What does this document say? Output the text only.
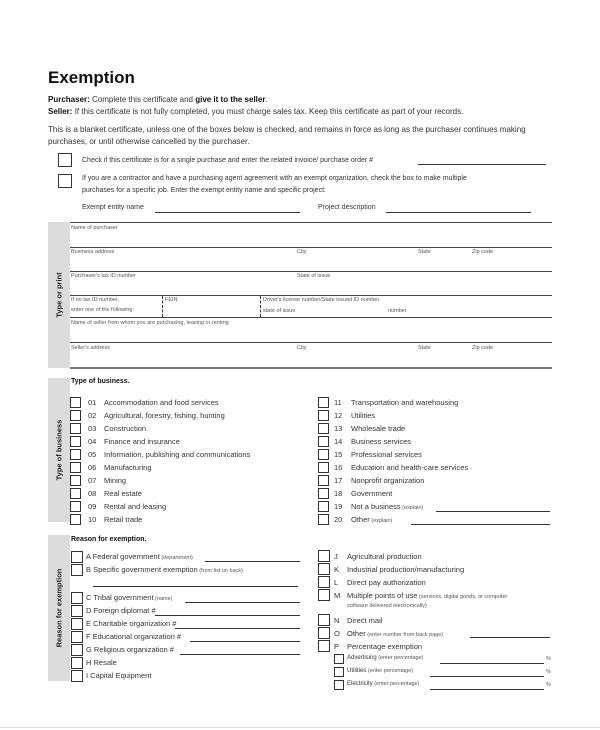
Exemption
Purchaser: Complete this certificate and give it to the seller.
Seller: If this certificate is not fully completed, you must charge sales tax. Keep this certificate as part of your records.
This is a blanket certificate, unless one of the boxes below is checked, and remains in force as long as the purchaser continues making
purchases, or until otherwise cancelled by the purchaser.
Check if this certificate is for a single purchase and enter the related invoice/ purchase order #
If you are a contractor and have a purchasing agent agreement with an exempt organization, check the box to make multiple
purchases for a specific job. Enter the exempt entity name and specific project:
Exempt entity name	Project description
Type or print
Name of purchaser
Business address	City	State	Zip code
Purchaser's tax ID number	State of issue
If no tax ID number,
enter one of the following:
FEIN	Driver's license number/State issued ID number
state of issue	number
Name of seller from whom you are purchasing, leasing or renting
Seller's address	City	State	Zip code
Type of business
Type of business.
Reason for exemption
Reason for exemption.
01 Accommodation and food services
02 Agricultural, forestry, fishing, hunting
03 Construction
04 Finance and insurance
05 Information, publishing and communications
06 Manufacturing
07 Mining
08 Real estate
09 Rental and leasing
10 Retail trade
11 Transportation and warehousing
12 Utilities
13 Wholesale trade
14 Business services
15 Professional services
16 Education and health-care services
17 Nonprofit organization
18 Government
19 Not a business (explain)
20 Other (explain)
A Federal government (department)
B Specific government exemption (from list on back)
C Tribal government (name)
D Foreign diplomat #
E Charitable organization #
F Educational organization #
G Religious organization #
H Resale
I Capital Equipment
J Agricultural production
K Industrial production/manufacturing
L Direct pay authorization
M Multiple points of use (services, digital goods, or computer
software delivered electronically)
N Direct mail
O Other (enter number from back page)
P Percentage exemption
Advertising (enter percentage)	%
Utilities (enter percentage)	%
Electricity (enter percentage)	%
